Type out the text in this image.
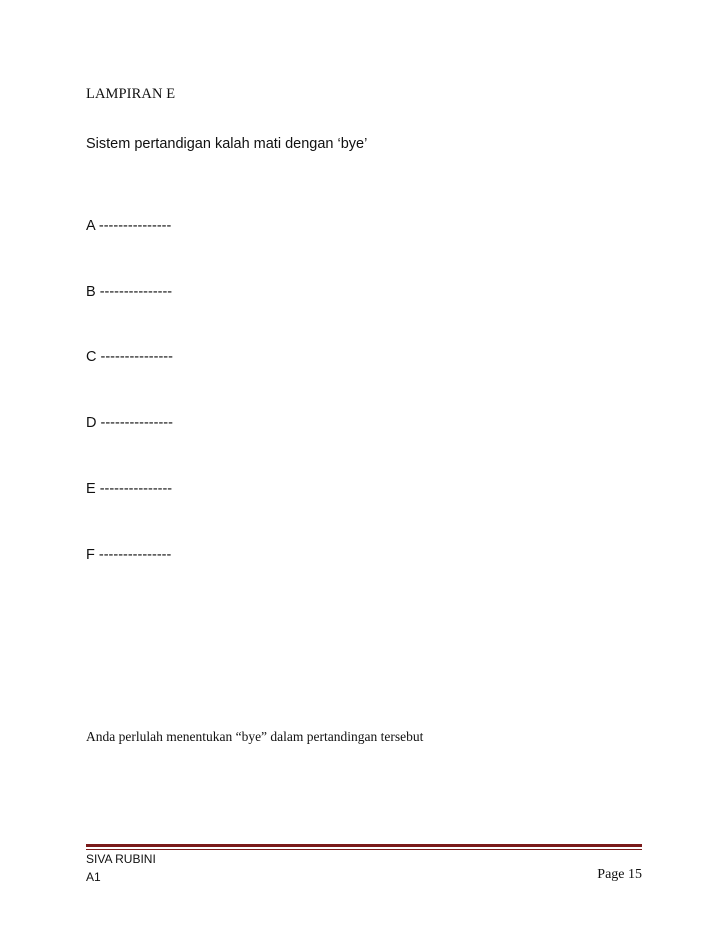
LAMPIRAN E
Sistem pertandigan kalah mati dengan ‘bye’
A ---------------
B ---------------
C ---------------
D ---------------
E ---------------
F ---------------
Anda perlulah menentukan “bye” dalam pertandingan tersebut
SIVA RUBINI
A1	Page 15
